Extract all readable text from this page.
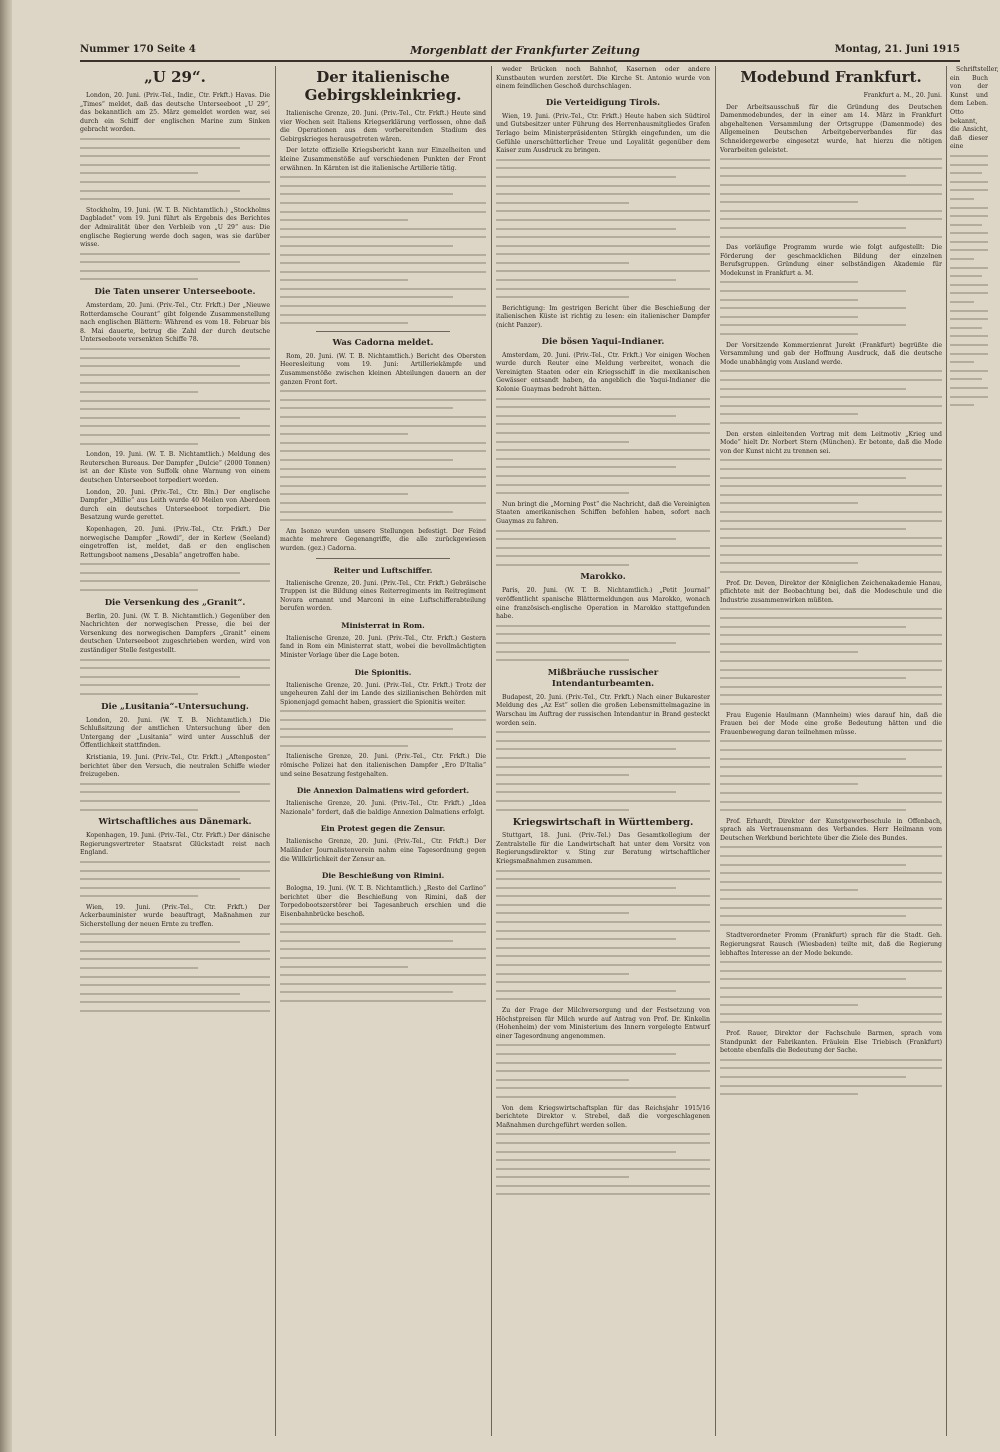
Nummer 170 Seite 4	Morgenblatt der Frankfurter Zeitung	Montag, 21. Juni 1915
„U 29“.

London, 20. Juni. (Priv.-Tel., Indir., Ctr. Frkft.) Havas. Die „Times“ meldet, daß das deutsche Unterseeboot „U 29“, das bekanntlich am 25. März gemeldet worden war, sei durch ein Schiff der englischen Marine zum Sinken gebracht worden.

Stockholm, 19. Juni. (W. T. B. Nichtamtlich.) „Stockholms Dagbladet“ vom 19. Juni führt als Ergebnis des Berichtes der Admiralität über den Verbleib von „U 29“ aus: Die englische Regierung werde doch sagen, was sie darüber wisse.

Die Taten unserer Unterseeboote.

Amsterdam, 20. Juni. (Priv.-Tel., Ctr. Frkft.) Der „Nieuwe Rotterdamsche Courant“ gibt folgende Zusammenstellung nach englischen Blättern: Während es vom 18. Februar bis 8. Mai dauerte, betrug die Zahl der durch deutsche Unterseeboote versenkten Schiffe 78.

London, 19. Juni. (W. T. B. Nichtamtlich.) Meldung des Reuterschen Bureaus. Der Dampfer „Dulcie“ (2000 Tonnen) ist an der Küste von Suffolk ohne Warnung von einem deutschen Unterseeboot torpediert worden.

London, 20. Juni. (Priv.-Tel., Ctr. Bln.) Der englische Dampfer „Millie“ aus Leith wurde 40 Meilen von Aberdeen durch ein deutsches Unterseeboot torpediert. Die Besatzung wurde gerettet.

Kopenhagen, 20. Juni. (Priv.-Tel., Ctr. Frkft.) Der norwegische Dampfer „Rowdi“, der in Kerlew (Seeland) eingetroffen ist, meldet, daß er den englischen Rettungsboot namens „Desabla“ angetroffen habe.

Die Versenkung des „Granit“.

Berlin, 20. Juni. (W. T. B. Nichtamtlich.) Gegenüber den Nachrichten der norwegischen Presse, die bei der Versenkung des norwegischen Dampfers „Granit“ einem deutschen Unterseeboot zugeschrieben werden, wird von zuständiger Stelle festgestellt.

Die „Lusitania“-Untersuchung.

London, 20. Juni. (W. T. B. Nichtamtlich.) Die Schlußsitzung der amtlichen Untersuchung über den Untergang der „Lusitania“ wird unter Ausschluß der Öffentlichkeit stattfinden.

Kristiania, 19. Juni. (Priv.-Tel., Ctr. Frkft.) „Aftenposten“ berichtet über den Versuch, die neutralen Schiffe wieder freizugeben.

Wirtschaftliches aus Dänemark.

Kopenhagen, 19. Juni. (Priv.-Tel., Ctr. Frkft.) Der dänische Regierungsvertreter Staatsrat Glückstadt reist nach England.

Wien, 19. Juni. (Priv.-Tel., Ctr. Frkft.) Der Ackerbauminister wurde beauftragt, Maßnahmen zur Sicherstellung der neuen Ernte zu treffen.

Der italienische Gebirgskleinkrieg.

Italienische Grenze, 20. Juni. (Priv.-Tel., Ctr. Frkft.) Heute sind vier Wochen seit Italiens Kriegserklärung verflossen, ohne daß die Operationen aus dem vorbereitenden Stadium des Gebirgskrieges herausgetreten wären.

Der letzte offizielle Kriegsbericht kann nur Einzelheiten und kleine Zusammenstöße auf verschiedenen Punkten der Front erwähnen. In Kärnten ist die italienische Artillerie tätig.

Was Cadorna meldet.

Rom, 20. Juni. (W. T. B. Nichtamtlich.) Bericht des Obersten Heeresleitung vom 19. Juni: Artilleriekämpfe und Zusammenstöße zwischen kleinen Abteilungen dauern an der ganzen Front fort.

Am Isonzo wurden unsere Stellungen befestigt. Der Feind machte mehrere Gegenangriffe, die alle zurückgewiesen wurden. (gez.) Cadorna.

Reiter und Luftschiffer.

Italienische Grenze, 20. Juni. (Priv.-Tel., Ctr. Frkft.) Gebräische Truppen ist die Bildung eines Reiterregiments im Reitregiment Novara ernannt und Marconi in eine Luftschifferabteilung berufen worden.

Ministerrat in Rom.

Italienische Grenze, 20. Juni. (Priv.-Tel., Ctr. Frkft.) Gestern fand in Rom ein Ministerrat statt, wobei die bevollmächtigten Minister Vorlage über die Lage boten.

Die Spionitis.

Italienische Grenze, 20. Juni. (Priv.-Tel., Ctr. Frkft.) Trotz der ungeheuren Zahl der im Lande des sizilianischen Behörden mit Spionenjagd gemacht haben, grassiert die Spionitis weiter.

Italienische Grenze, 20. Juni. (Priv.-Tel., Ctr. Frkft.) Die römische Polizei hat den italienischen Dampfer „Ero D'Italia“ und seine Besatzung festgehalten.

Die Annexion Dalmatiens wird gefordert.

Italienische Grenze, 20. Juni. (Priv.-Tel., Ctr. Frkft.) „Idea Nazionale“ fordert, daß die baldige Annexion Dalmatiens erfolgt.

Ein Protest gegen die Zensur.

Italienische Grenze, 20. Juni. (Priv.-Tel., Ctr. Frkft.) Der Mailänder Journalistenverein nahm eine Tagesordnung gegen die Willkürlichkeit der Zensur an.

Die Beschießung von Rimini.

Bologna, 19. Juni. (W. T. B. Nichtamtlich.) „Resto del Carlino“ berichtet über die Beschießung von Rimini, daß der Torpedobootszerstörer bei Tagesanbruch erschien und die Eisenbahnbrücke beschoß.

weder Brücken noch Bahnhof, Kasernen oder andere Kunstbauten wurden zerstört. Die Kirche St. Antonio wurde von einem feindlichen Geschoß durchschlagen.

Die Verteidigung Tirols.

Wien, 19. Juni. (Priv.-Tel., Ctr. Frkft.) Heute haben sich Südtirol und Gutsbesitzer unter Führung des Herrenhausmitgliedes Grafen Terlago beim Ministerpräsidenten Stürgkh eingefunden, um die Gefühle unerschütterlicher Treue und Loyalität gegenüber dem Kaiser zum Ausdruck zu bringen.

Berichtigung: Im gestrigen Bericht über die Beschießung der italienischen Küste ist richtig zu lesen: ein italienischer Dampfer (nicht Panzer).

Die bösen Yaqui-Indianer.

Amsterdam, 20. Juni. (Priv.-Tel., Ctr. Frkft.) Vor einigen Wochen wurde durch Reuter eine Meldung verbreitet, wonach die Vereinigten Staaten oder ein Kriegsschiff in die mexikanischen Gewässer entsandt haben, da angeblich die Yaqui-Indianer die Kolonie Guaymas bedroht hätten.

Nun bringt die „Morning Post“ die Nachricht, daß die Vereinigten Staaten amerikanischen Schiffen befohlen haben, sofort nach Guaymas zu fahren.

Marokko.

Paris, 20. Juni. (W. T. B. Nichtamtlich.) „Petit Journal“ veröffentlicht spanische Blättermeldungen aus Marokko, wonach eine französisch-englische Operation in Marokko stattgefunden habe.

Mißbräuche russischer Intendanturbeamten.

Budapest, 20. Juni. (Priv.-Tel., Ctr. Frkft.) Nach einer Bukarester Meldung des „Az Est“ sollen die großen Lebensmittelmagazine in Warschau im Auftrag der russischen Intendantur in Brand gesteckt worden sein.

Kriegswirtschaft in Württemberg.

Stuttgart, 18. Juni. (Priv.-Tel.) Das Gesamtkollegium der Zentralstelle für die Landwirtschaft hat unter dem Vorsitz von Regierungsdirektor v. Sting zur Beratung wirtschaftlicher Kriegsmaßnahmen zusammen.

Zu der Frage der Milchversorgung und der Festsetzung von Höchstpreisen für Milch wurde auf Antrag von Prof. Dr. Kinkelin (Hohenheim) der vom Ministerium des Innern vorgelegte Entwurf einer Tagesordnung angenommen.

Von dem Kriegswirtschaftsplan für das Reichsjahr 1915/16 berichtete Direktor v. Strebel, daß die vorgeschlagenen Maßnahmen durchgeführt werden sollen.

Modebund Frankfurt.

Frankfurt a. M., 20. Juni.

Der Arbeitsausschuß für die Gründung des Deutschen Damenmodebundes, der in einer am 14. März in Frankfurt abgehaltenen Versammlung der Ortsgruppe (Damenmode) des Allgemeinen Deutschen Arbeitgeberverbandes für das Schneidergewerbe eingesetzt wurde, hat hierzu die nötigen Vorarbeiten geleistet.

Das vorläufige Programm wurde wie folgt aufgestellt: Die Förderung der geschmacklichen Bildung der einzelnen Berufsgruppen. Gründung einer selbständigen Akademie für Modekunst in Frankfurt a. M.

Der Vorsitzende Kommerzienrat Jurekt (Frankfurt) begrüßte die Versammlung und gab der Hoffnung Ausdruck, daß die deutsche Mode unabhängig vom Ausland werde.

Den ersten einleitenden Vortrag mit dem Leitmotiv „Krieg und Mode“ hielt Dr. Norbert Stern (München). Er betonte, daß die Mode von der Kunst nicht zu trennen sei.

Prof. Dr. Deven, Direktor der Königlichen Zeichenakademie Hanau, pflichtete mit der Beobachtung bei, daß die Modeschule und die Industrie zusammenwirken müßten.

Frau Eugenie Haulmann (Mannheim) wies darauf hin, daß die Frauen bei der Mode eine große Bedeutung hätten und die Frauenbewegung daran teilnehmen müsse.

Prof. Erhardt, Direktor der Kunstgewerbeschule in Offenbach, sprach als Vertrauensmann des Verbandes. Herr Heilmann vom Deutschen Werkbund berichtete über die Ziele des Bundes.

Stadtverordneter Fromm (Frankfurt) sprach für die Stadt. Geh. Regierungsrat Rausch (Wiesbaden) teilte mit, daß die Regierung lebhaftes Interesse an der Mode bekunde.

Prof. Rauer, Direktor der Fachschule Barmen, sprach vom Standpunkt der Fabrikanten. Fräulein Else Triebisch (Frankfurt) betonte ebenfalls die Bedeutung der Sache.

Schriftsteller, ein Buch von der Kunst und dem Leben. Otto bekannt, die Ansicht, daß dieser eine
